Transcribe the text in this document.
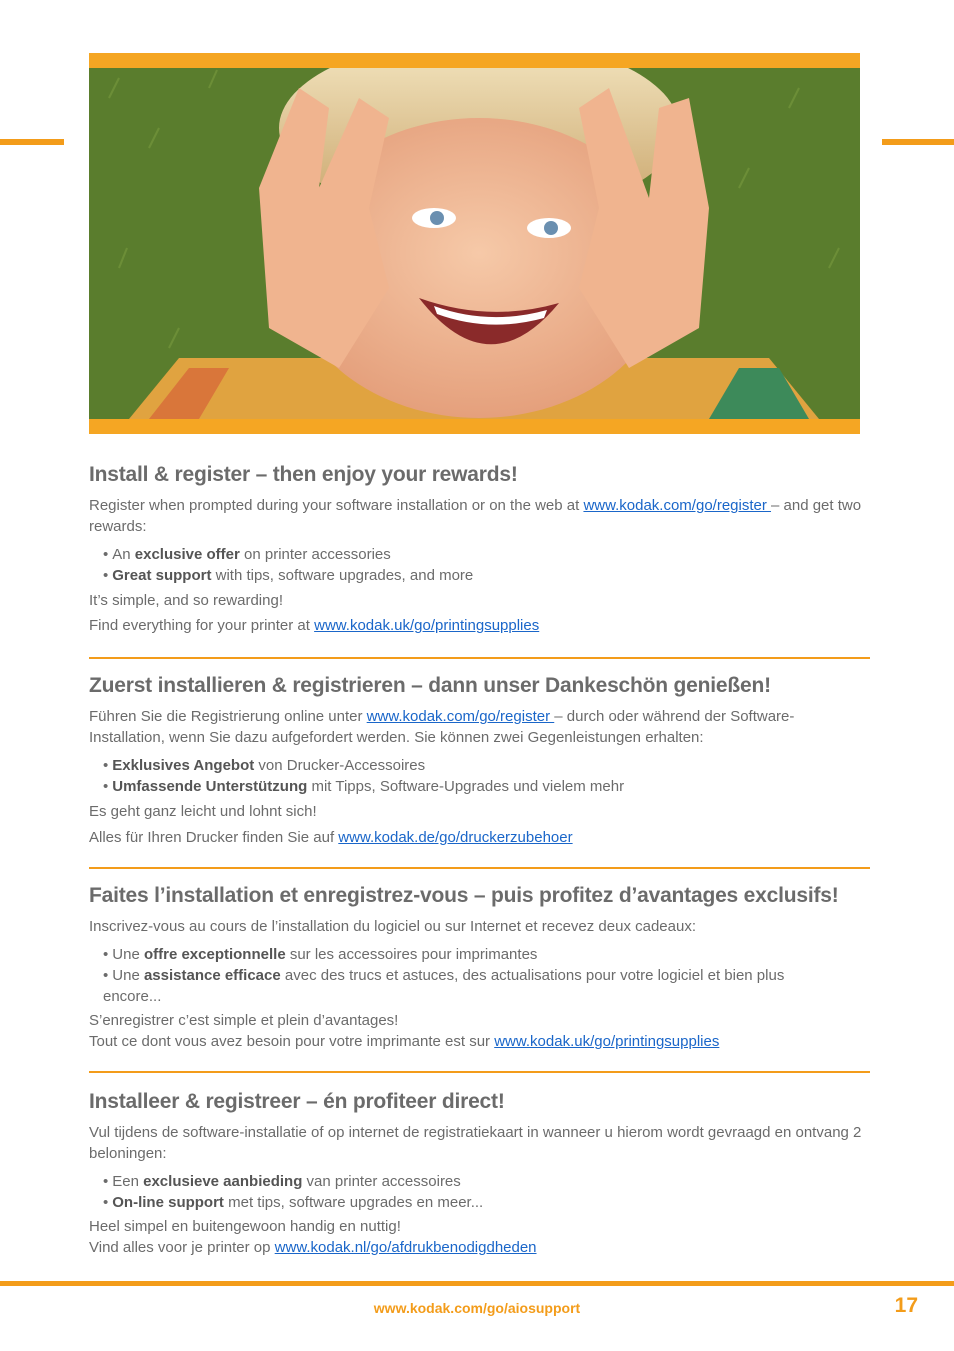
Install & register – then enjoy your rewards!

Register when prompted during your software installation or on the web at www.kodak.com/go/register – and get two rewards:

• An exclusive offer on printer accessories
• Great support with tips, software upgrades, and more

It’s simple, and so rewarding!

Find everything for your printer at www.kodak.uk/go/printingsupplies

Zuerst installieren & registrieren – dann unser Dankeschön genießen!

Führen Sie die Registrierung online unter www.kodak.com/go/register – durch oder während der Software-Installation, wenn Sie dazu aufgefordert werden. Sie können zwei Gegenleistungen erhalten:

• Exklusives Angebot von Drucker-Accessoires
• Umfassende Unterstützung mit Tipps, Software-Upgrades und vielem mehr

Es geht ganz leicht und lohnt sich!

Alles für Ihren Drucker finden Sie auf www.kodak.de/go/druckerzubehoer

Faites l’installation et enregistrez-vous – puis profitez d’avantages exclusifs!

Inscrivez-vous au cours de l’installation du logiciel ou sur Internet et recevez deux cadeaux:

• Une offre exceptionnelle sur les accessoires pour imprimantes
• Une assistance efficace avec des trucs et astuces, des actualisations pour votre logiciel et bien plus encore...

S’enregistrer c’est simple et plein d’avantages!

Tout ce dont vous avez besoin pour votre imprimante est sur www.kodak.uk/go/printingsupplies

Installeer & registreer – én profiteer direct!

Vul tijdens de software-installatie of op internet de registratiekaart in wanneer u hierom wordt gevraagd en ontvang 2 beloningen:

• Een exclusieve aanbieding van printer accessoires
• On-line support met tips, software upgrades en meer...

Heel simpel en buitengewoon handig en nuttig!

Vind alles voor je printer op www.kodak.nl/go/afdrukbenodigdheden

www.kodak.com/go/aiosupport	17
